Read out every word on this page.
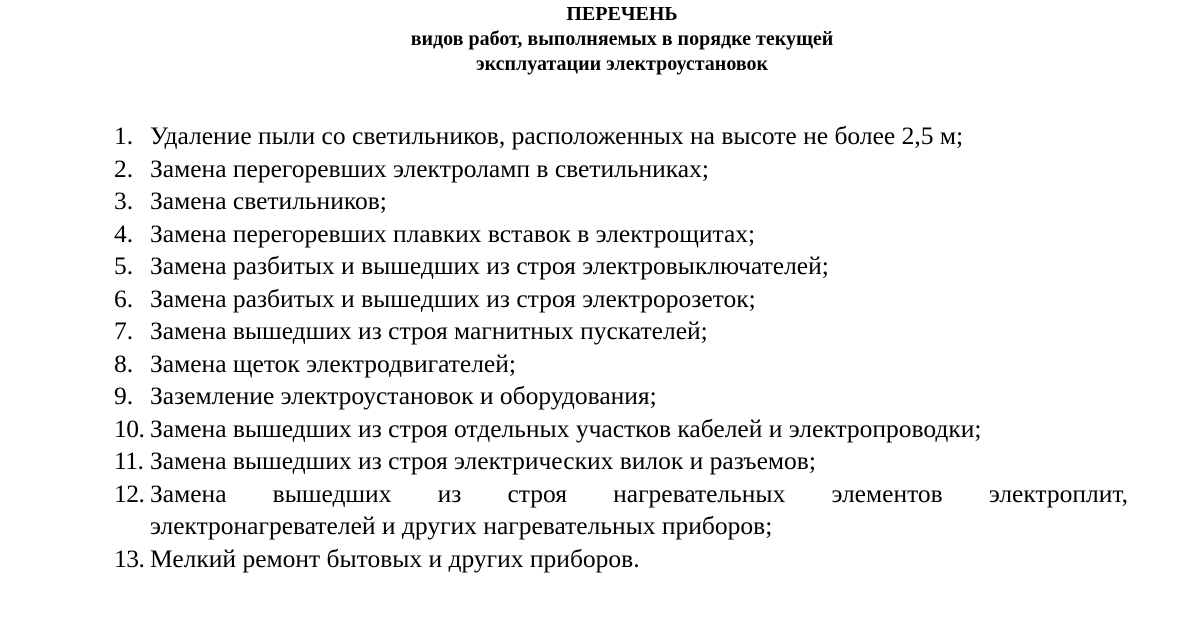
ПЕРЕЧЕНЬ
видов работ, выполняемых в порядке текущей
эксплуатации электроустановок
1. Удаление пыли со светильников, расположенных на высоте не более 2,5 м;
2. Замена перегоревших электроламп в светильниках;
3. Замена светильников;
4. Замена перегоревших плавких вставок в электрощитах;
5. Замена разбитых и вышедших из строя электровыключателей;
6. Замена разбитых и вышедших из строя электророзеток;
7. Замена вышедших из строя магнитных пускателей;
8. Замена щеток электродвигателей;
9. Заземление электроустановок и оборудования;
10. Замена вышедших из строя отдельных участков кабелей и электропроводки;
11. Замена вышедших из строя электрических вилок и разъемов;
12. Замена вышедших из строя нагревательных элементов электроплит,
электронагревателей и других нагревательных приборов;
13. Мелкий ремонт бытовых и других приборов.
